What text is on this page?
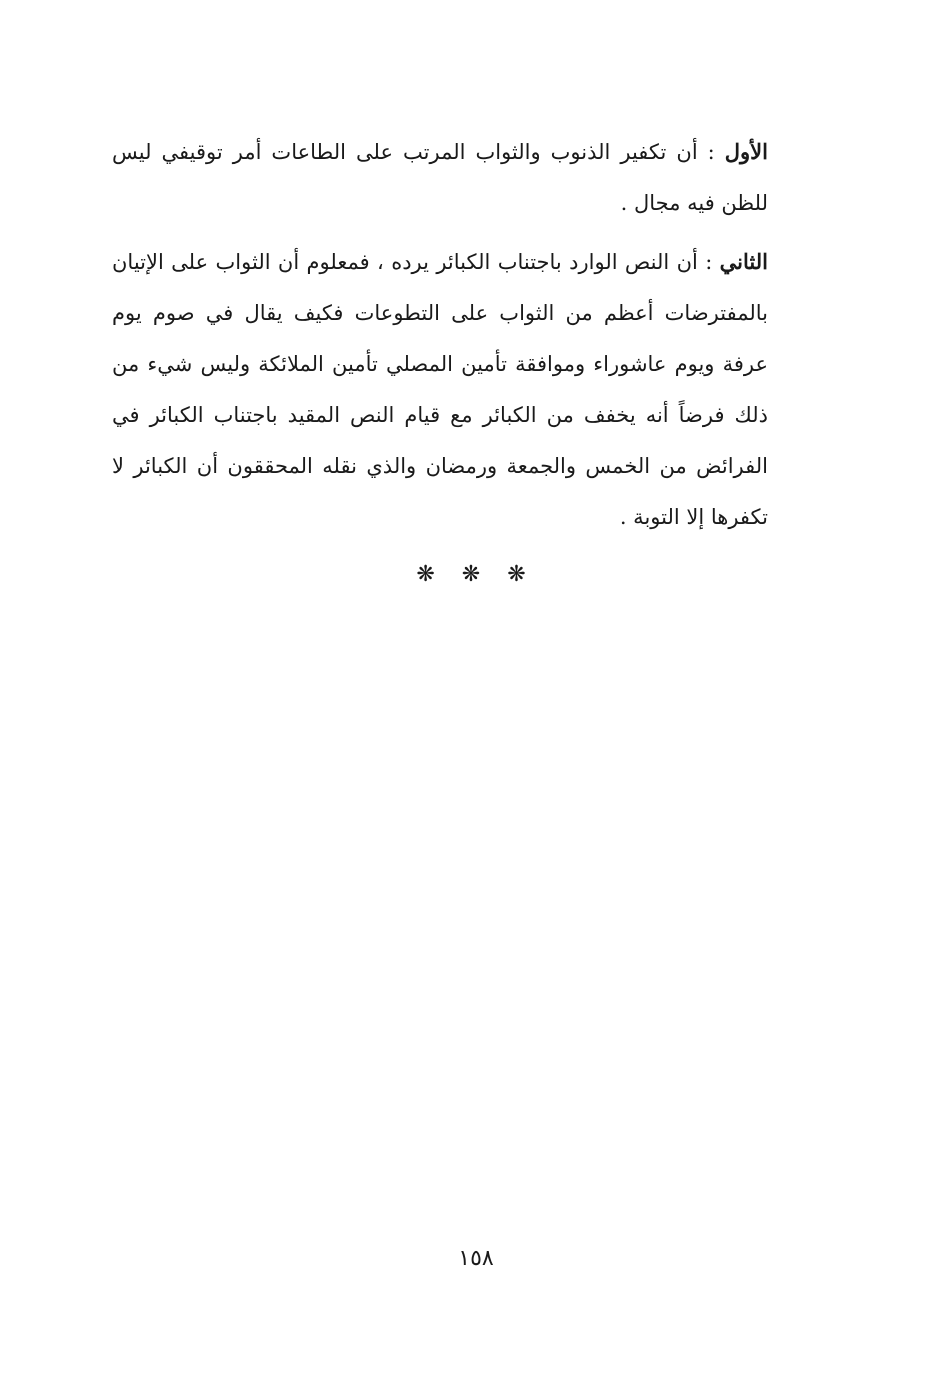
الأول : أن تكفير الذنوب والثواب المرتب على الطاعات أمر توقيفي ليس للظن فيه مجال .

الثاني : أن النص الوارد باجتناب الكبائر يرده ، فمعلوم أن الثواب على الإتيان بالمفترضات أعظم من الثواب على التطوعات فكيف يقال في صوم يوم عرفة ويوم عاشوراء وموافقة تأمين المصلي تأمين الملائكة وليس شيء من ذلك فرضاً أنه يخفف من الكبائر مع قيام النص المقيد باجتناب الكبائر في الفرائض من الخمس والجمعة ورمضان والذي نقله المحققون أن الكبائر لا تكفرها إلا التوبة .

❋ ❋ ❋
١٥٨
